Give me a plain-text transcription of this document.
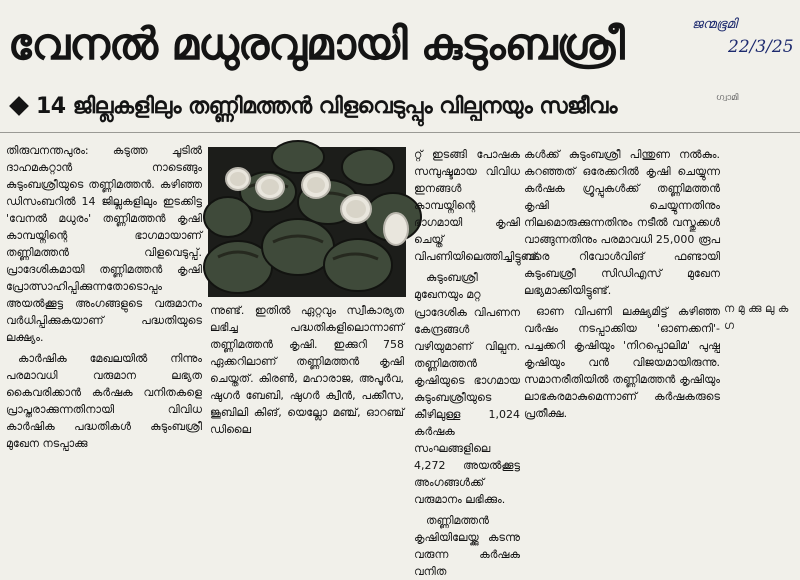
വേനൽ മധുരവുമായി കുടുംബശ്രീ	ജന്മഭൂമി
22/3/25
14 ജില്ലകളിലും തണ്ണിമത്തൻ വിളവെടുപ്പും വില്പനയും സജീവം	ഗ്വാമി

തിരുവനന്തപുരം: കടുത്ത ചൂടിൽ ദാഹമകറ്റാൻ നാടെങ്ങും കുടുംബശ്രീയുടെ തണ്ണിമത്തൻ. കഴിഞ്ഞ ഡിസംബറിൽ 14 ജില്ലകളിലും ഇടക്കിട്ട 'വേനൽ മധുരം' തണ്ണിമത്തൻ കൃഷി കാമ്പയ്നിന്റെ ഭാഗമായാണ് തണ്ണിമത്തൻ വിളവെടുപ്പ്. പ്രാദേശികമായി തണ്ണിമത്തൻ കൃഷി പ്രോത്സാഹിപ്പിക്കുന്നതോടൊപ്പം അയൽക്കൂട്ട അംഗങ്ങളുടെ വരുമാനം വർധിപ്പിക്കുകയാണ് പദ്ധതിയുടെ ലക്ഷ്യം.

കാർഷിക മേഖലയിൽ നിന്നും പരമാവധി വരുമാന ലഭ്യത കൈവരിക്കാൻ കർഷക വനിതകളെ പ്രാപ്തരാക്കുന്നതിനായി വിവിധ കാർഷിക പദ്ധതികൾ കുടുംബശ്രീ മുഖേന നടപ്പാക്കു

ന്നുണ്ട്. ഇതിൽ ഏറ്റവും സ്വീകാര്യത ലഭിച്ച പദ്ധതികളിലൊന്നാണ് തണ്ണിമത്തൻ കൃഷി. ഇക്കുറി 758 ഏക്കറിലാണ് തണ്ണിമത്തൻ കൃഷി ചെയ്തത്. കിരൺ, മഹാരാജ, അപൂർവ, ഷുഗർ ബേബി, ഷുഗർ ക്വീൻ, പക്കീസ, ജൂബിലി കിങ്, യെല്ലോ മഞ്ച്, ഓറഞ്ച് ഡിലൈ

റ്റ് ഇടങ്ങി പോഷക സമ്പുഷ്ടമായ വിവിധ ഇനങ്ങൾ കാമ്പയ്നിന്റെ ഭാഗമായി കൃഷി ചെയ്ത് വിപണിയിലെത്തിച്ചിട്ടുണ്ട്.

കുടുംബശ്രീ മുഖേനയും മറ്റ

പ്രാദേശിക വിപണന കേന്ദ്രങ്ങൾ വഴിയുമാണ് വില്പന. തണ്ണിമത്തൻ കൃഷിയുടെ ഭാഗമായ കുടുംബശ്രീയുടെ കീഴിലുള്ള 1,024 കർഷക സംഘങ്ങളിലെ 4,272 അയൽക്കൂട്ട അംഗങ്ങൾക്ക് വരുമാനം ലഭിക്കും.

തണ്ണിമത്തൻ കൃഷിയിലേയ്ക്കു കടന്നു വരുന്ന കർഷക വനിത

കൾക്ക് കുടുംബശ്രീ പിന്തുണ നൽകും. കറഞ്ഞത് ഒരേക്കറിൽ കൃഷി ചെയ്യുന്ന കർഷക ഗ്രൂപ്പുകൾക്ക് തണ്ണിമത്തൻ കൃഷി ചെയ്യുന്നതിനും നിലമൊരുക്കുന്നതിനും നടീൽ വസ്തുക്കൾ വാങ്ങുന്നതിനും പരമാവധി 25,000 രൂപ വരെ റിവോൾവിങ് ഫണ്ടായി കുടുംബശ്രീ സിഡിഎസ് മുഖേന ലഭ്യമാക്കിയിട്ടുണ്ട്.

ഓണ വിപണി ലക്ഷ്യമിട്ട് കഴിഞ്ഞ വർഷം നടപ്പാക്കിയ 'ഓണക്കനി'-പച്ചക്കറി കൃഷിയും 'നിറപ്പൊലിമ' പുഷ്പ കൃഷിയും വൻ വിജയമായിരുന്നു. സമാനരീതിയിൽ തണ്ണിമത്തൻ കൃഷിയും ലാഭകരമാകുമെന്നാണ് കർഷകരുടെ പ്രതീക്ഷ.

ന മു ക്കു ലു ക ഗ
